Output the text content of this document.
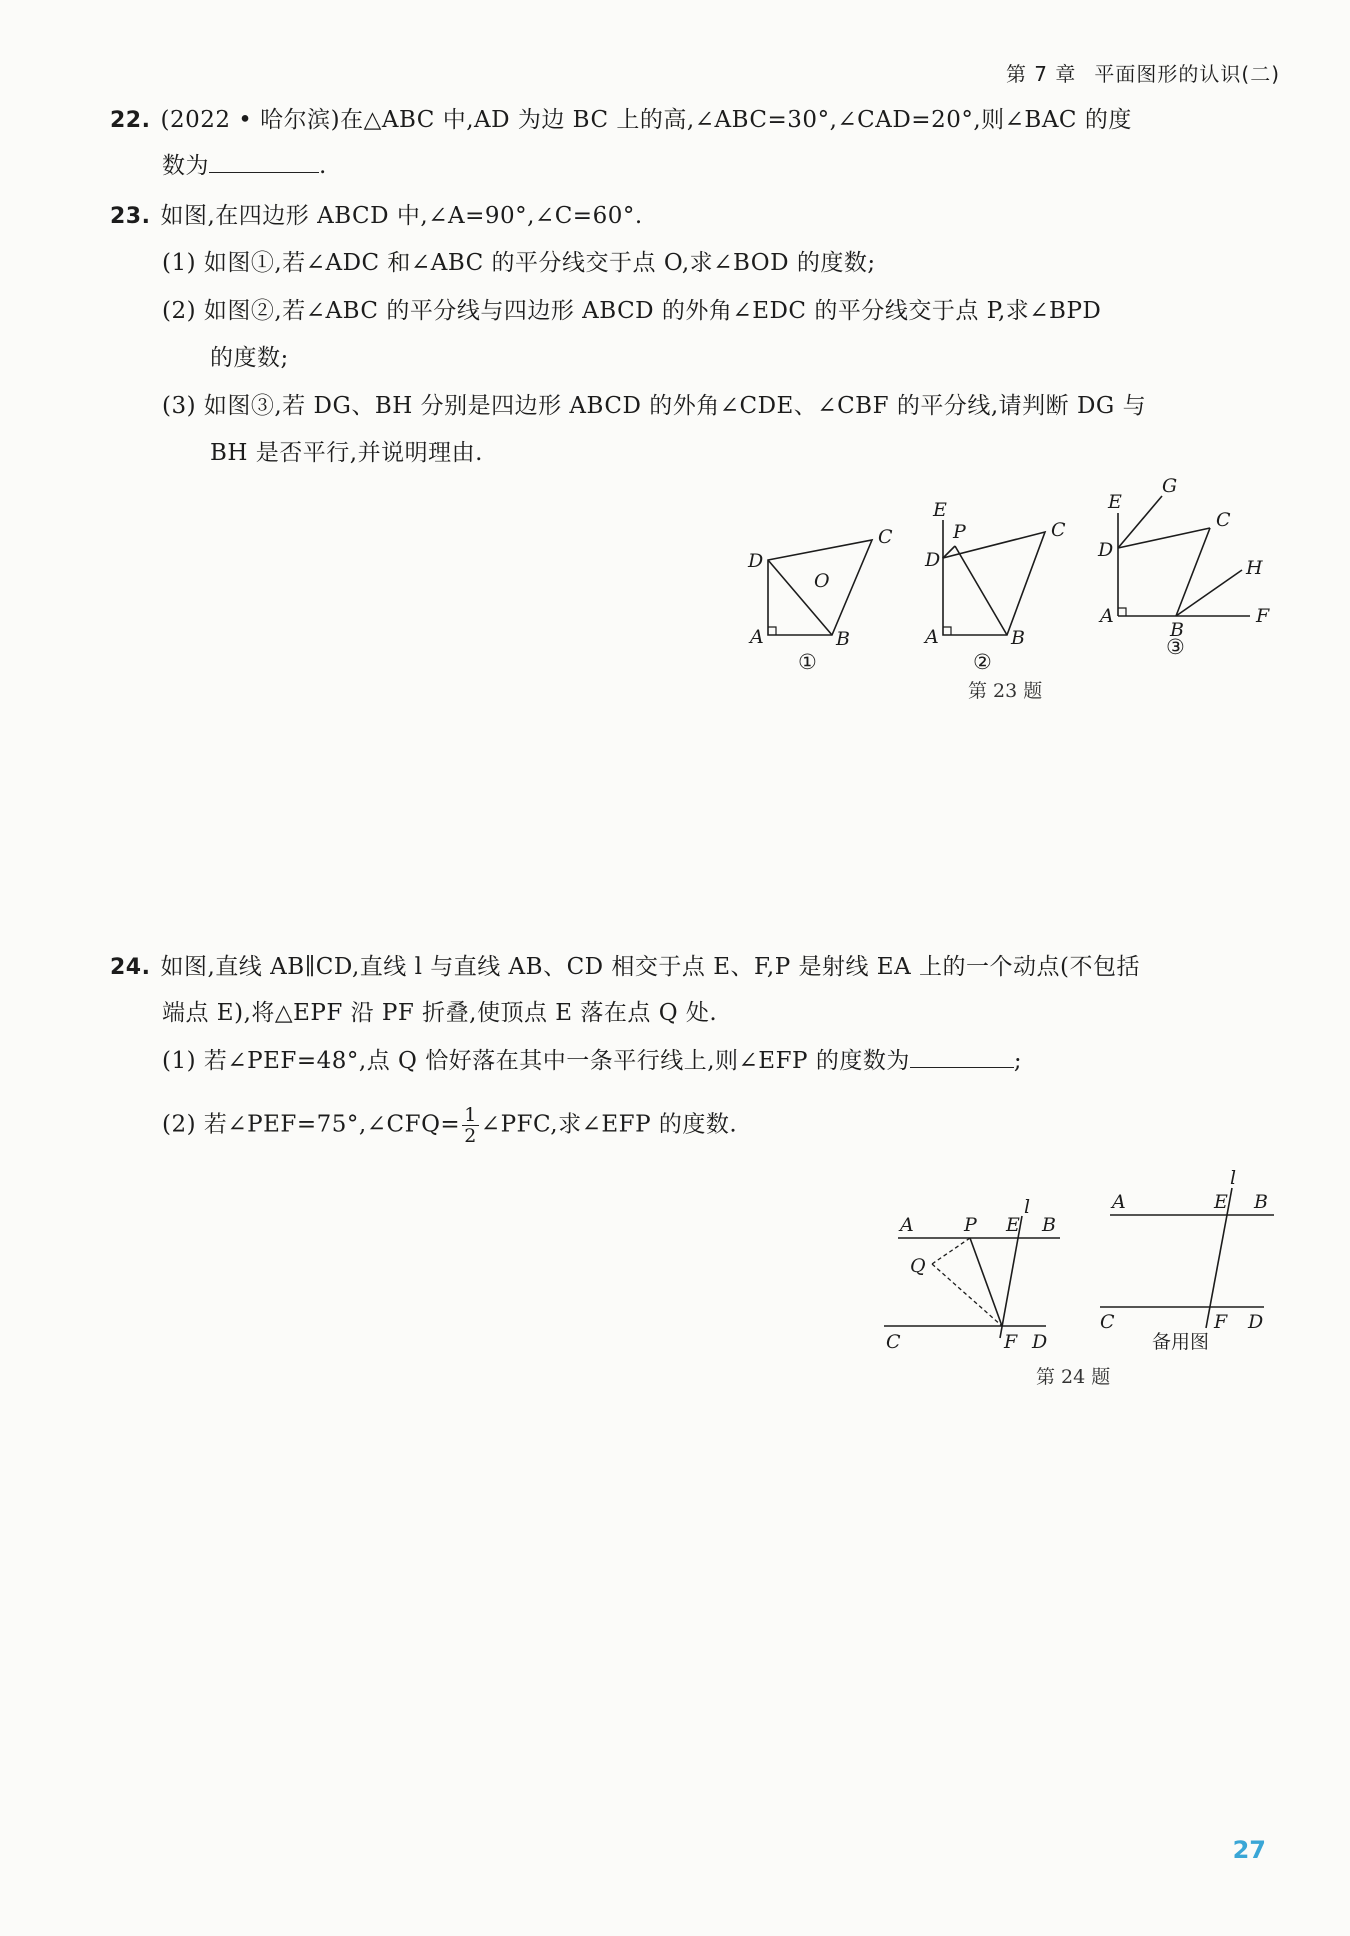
第 7 章 平面图形的认识(二)
22. (2022 • 哈尔滨)在△ABC 中,AD 为边 BC 上的高,∠ABC=30°,∠CAD=20°,则∠BAC 的度
数为	.
23. 如图,在四边形 ABCD 中,∠A=90°,∠C=60°.
(1) 如图①,若∠ADC 和∠ABC 的平分线交于点 O,求∠BOD 的度数;
(2) 如图②,若∠ABC 的平分线与四边形 ABCD 的外角∠EDC 的平分线交于点 P,求∠BPD
的度数;
(3) 如图③,若 DG、BH 分别是四边形 ABCD 的外角∠CDE、∠CBF 的平分线,请判断 DG 与
BH 是否平行,并说明理由.
D
C
O
A	B
①
E
P	C
D
A	B
②
E
G
C
D
H
A
B
F
③
第 23 题
24. 如图,直线 AB∥CD,直线 l 与直线 AB、CD 相交于点 E、F,P 是射线 EA 上的一个动点(不包括
端点 E),将△EPF 沿 PF 折叠,使顶点 E 落在点 Q 处.
(1) 若∠PEF=48°,点 Q 恰好落在其中一条平行线上,则∠EFP 的度数为	;
(2) 若∠PEF=75°,∠CFQ= $\frac{1}{2}$ ∠PFC,求∠EFP 的度数.
A	P E
l
B
Q
C	F D
l
A	E B
C	F D
备用图
第 24 题
27
